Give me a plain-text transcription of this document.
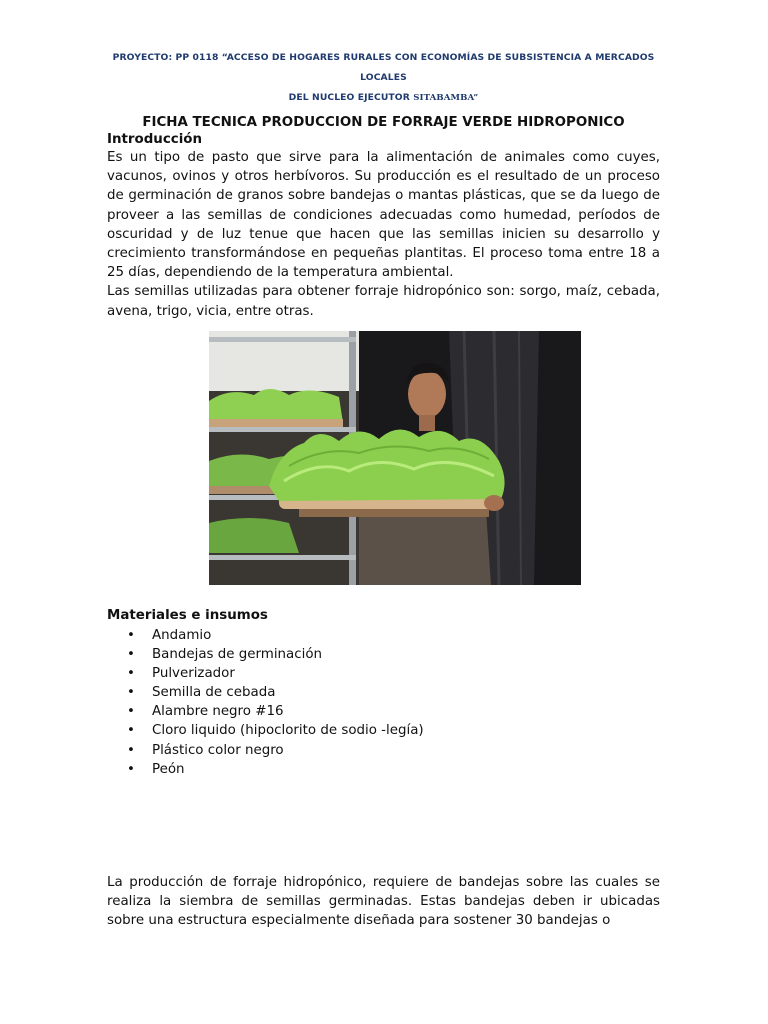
PROYECTO: PP 0118 “ACCESO DE HOGARES RURALES CON ECONOMÍAS DE SUBSISTENCIA A MERCADOS LOCALES
DEL NUCLEO EJECUTOR SITABAMBA”
FICHA TECNICA PRODUCCION DE FORRAJE VERDE HIDROPONICO
Introducción

Es un tipo de pasto que sirve para la alimentación de animales como cuyes, vacunos, ovinos y otros herbívoros. Su producción es el resultado de un proceso de germinación de granos sobre bandejas o mantas plásticas, que se da luego de proveer a las semillas de condiciones adecuadas como humedad, períodos de oscuridad y de luz tenue que hacen que las semillas inicien su desarrollo y crecimiento transformándose en pequeñas plantitas. El proceso toma entre 18 a 25 días, dependiendo de la temperatura ambiental.

Las semillas utilizadas para obtener forraje hidropónico son: sorgo, maíz, cebada, avena, trigo, vicia, entre otras.

Materiales e insumos
• Andamio
• Bandejas de germinación
• Pulverizador
• Semilla de cebada
• Alambre negro #16
• Cloro liquido (hipoclorito de sodio -legía)
• Plástico color negro
• Peón

La producción de forraje hidropónico, requiere de bandejas sobre las cuales se realiza la siembra de semillas germinadas. Estas bandejas deben ir ubicadas sobre una estructura especialmente diseñada para sostener 30 bandejas o
